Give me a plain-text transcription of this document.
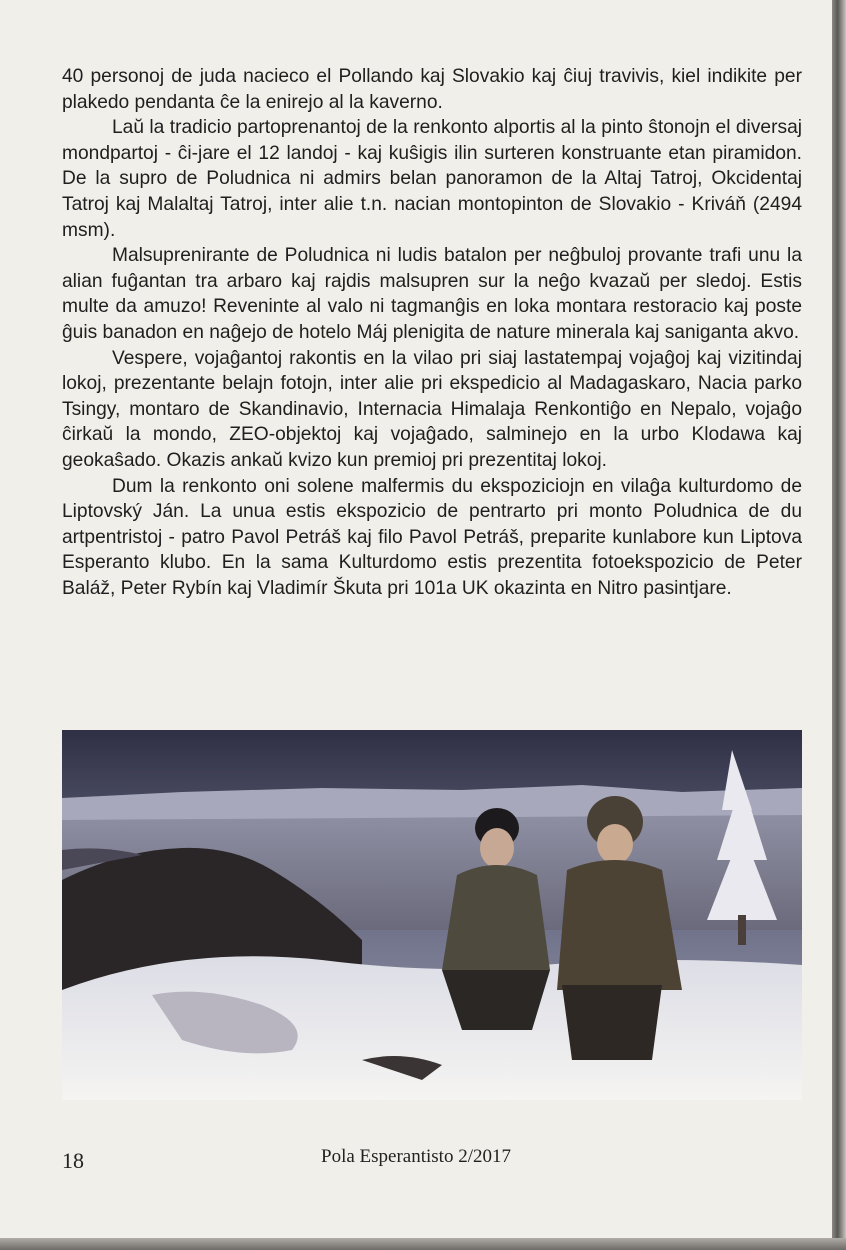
40 personoj de juda nacieco el Pollando kaj Slovakio kaj ĉiuj travivis, kiel indikite per plakedo pendanta ĉe la enirejo al la kaverno.

Laŭ la tradicio partoprenantoj de la renkonto alportis al la pinto ŝtonojn el diversaj mondpartoj - ĉi-jare el 12 landoj - kaj kuŝigis ilin surteren konstruante etan piramidon. De la supro de Poludnica ni admirs belan panoramon de la Altaj Tatroj, Okcidentaj Tatroj kaj Malaltaj Tatroj, inter alie t.n. nacian montopinton de Slovakio - Kriváň (2494 msm).

Malsuprenirante de Poludnica ni ludis batalon per neĝbuloj provante trafi unu la alian fuĝantan tra arbaro kaj rajdis malsupren sur la neĝo kvazaŭ per sledoj. Estis multe da amuzo! Reveninte al valo ni tagmanĝis en loka montara restoracio kaj poste ĝuis banadon en naĝejo de hotelo Máj plenigita de nature minerala kaj saniganta akvo.

Vespere, vojaĝantoj rakontis en la vilao pri siaj lastatempaj vojaĝoj kaj vizitindaj lokoj, prezentante belajn fotojn, inter alie pri ekspedicio al Madagaskaro, Nacia parko Tsingy, montaro de Skandinavio, Internacia Himalaja Renkontiĝo en Nepalo, vojaĝo ĉirkaŭ la mondo, ZEO-objektoj kaj vojaĝado, salminejo en la urbo Klodawa kaj geokaŝado. Okazis ankaŭ kvizo kun premioj pri prezentitaj lokoj.

Dum la renkonto oni solene malfermis du ekspoziciojn en vilaĝa kulturdomo de Liptovský Ján. La unua estis ekspozicio de pentrarto pri monto Poludnica de du artpentristoj - patro Pavol Petráš kaj filo Pavol Petráš, preparite kunlabore kun Liptova Esperanto klubo. En la sama Kulturdomo estis prezentita fotoekspozicio de Peter Baláž, Peter Rybín kaj Vladimír Škuta pri 101a UK okazinta en Nitro pasintjare.

18	Pola Esperantisto 2/2017
